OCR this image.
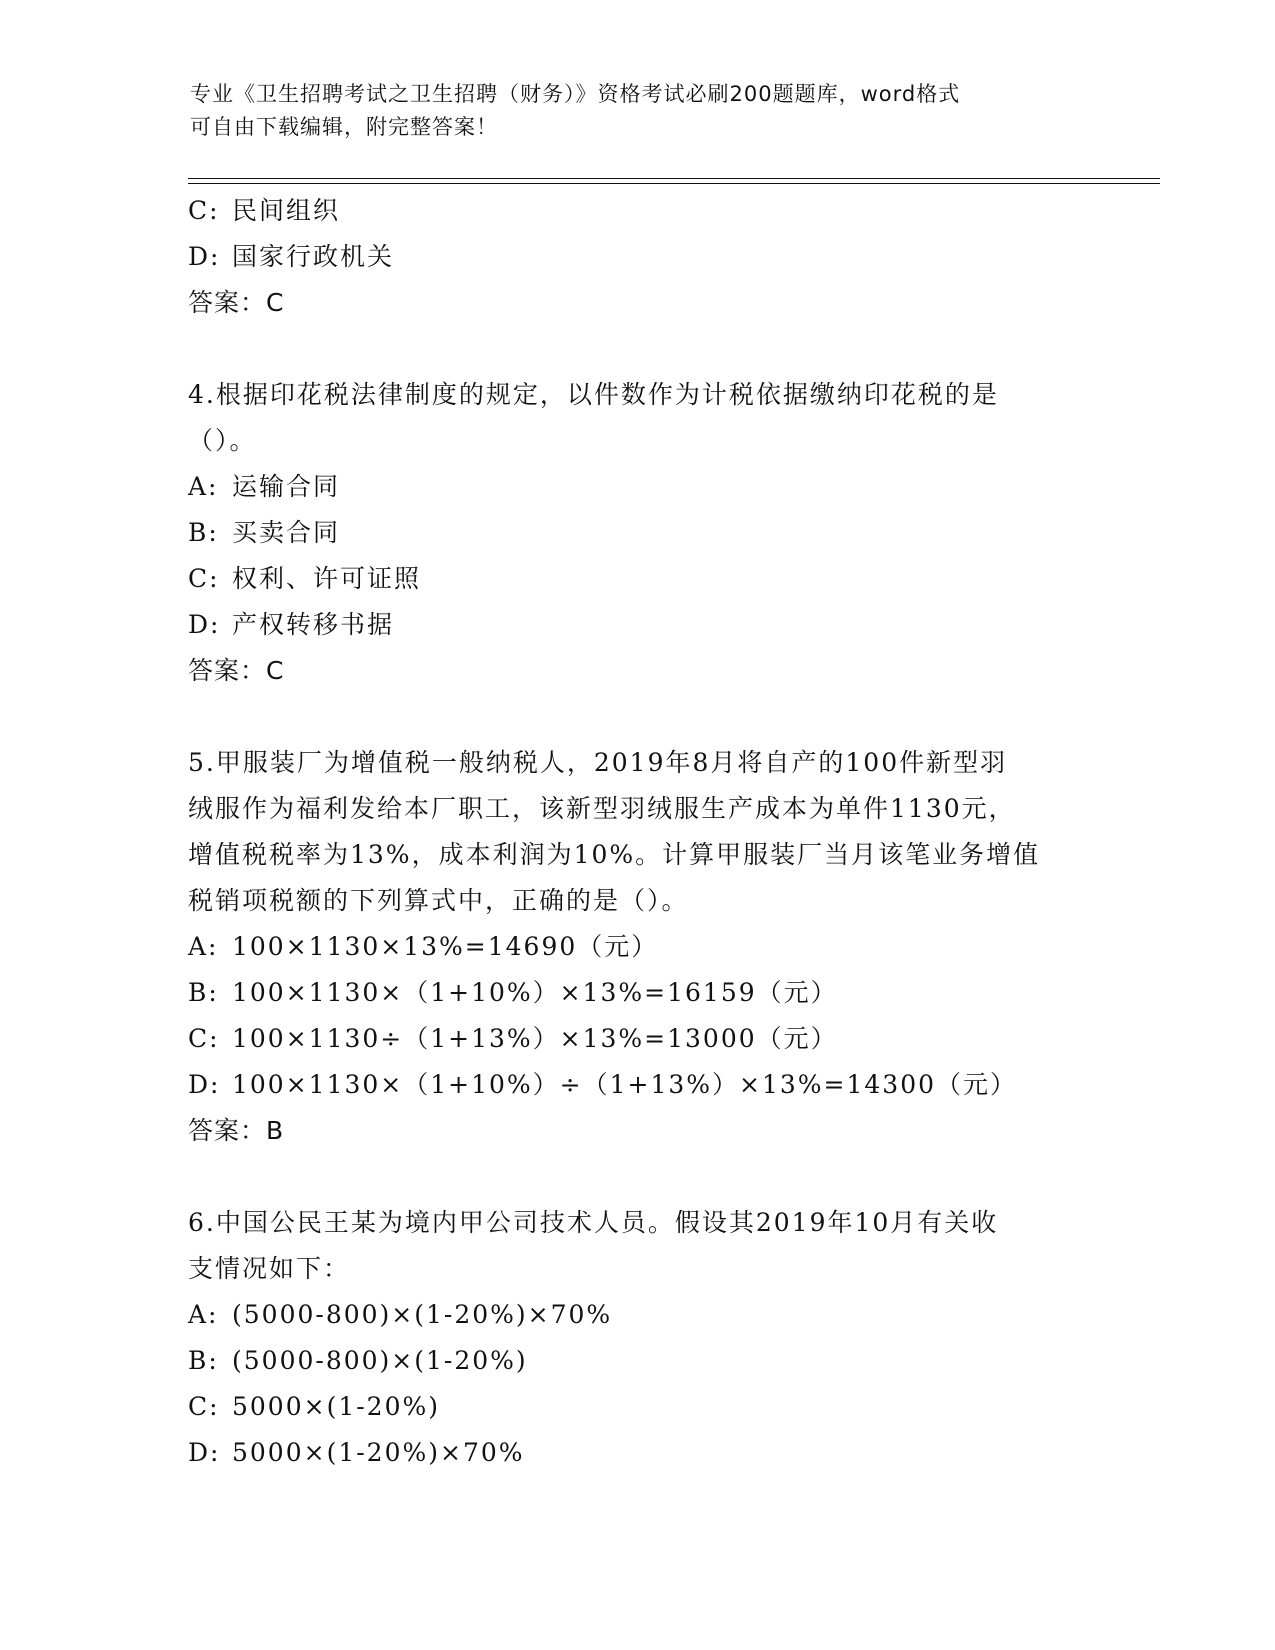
专业《卫生招聘考试之卫生招聘（财务）》资格考试必刷200题题库，word格式
可自由下载编辑，附完整答案！
C: 民间组织
D: 国家行政机关
答案：C
4.根据印花税法律制度的规定，以件数作为计税依据缴纳印花税的是
（）。
A: 运输合同
B: 买卖合同
C: 权利、许可证照
D: 产权转移书据
答案：C
5.甲服装厂为增值税一般纳税人，2019年8月将自产的100件新型羽
绒服作为福利发给本厂职工，该新型羽绒服生产成本为单件1130元，
增值税税率为13%，成本利润为10%。计算甲服装厂当月该笔业务增值
税销项税额的下列算式中，正确的是（）。
A: 100×1130×13%=14690（元）
B: 100×1130×（1+10%）×13%=16159（元）
C: 100×1130÷（1+13%）×13%=13000（元）
D: 100×1130×（1+10%）÷（1+13%）×13%=14300（元）
答案：B
6.中国公民王某为境内甲公司技术人员。假设其2019年10月有关收
支情况如下：
A: (5000-800)×(1-20%)×70%
B: (5000-800)×(1-20%)
C: 5000×(1-20%)
D: 5000×(1-20%)×70%
